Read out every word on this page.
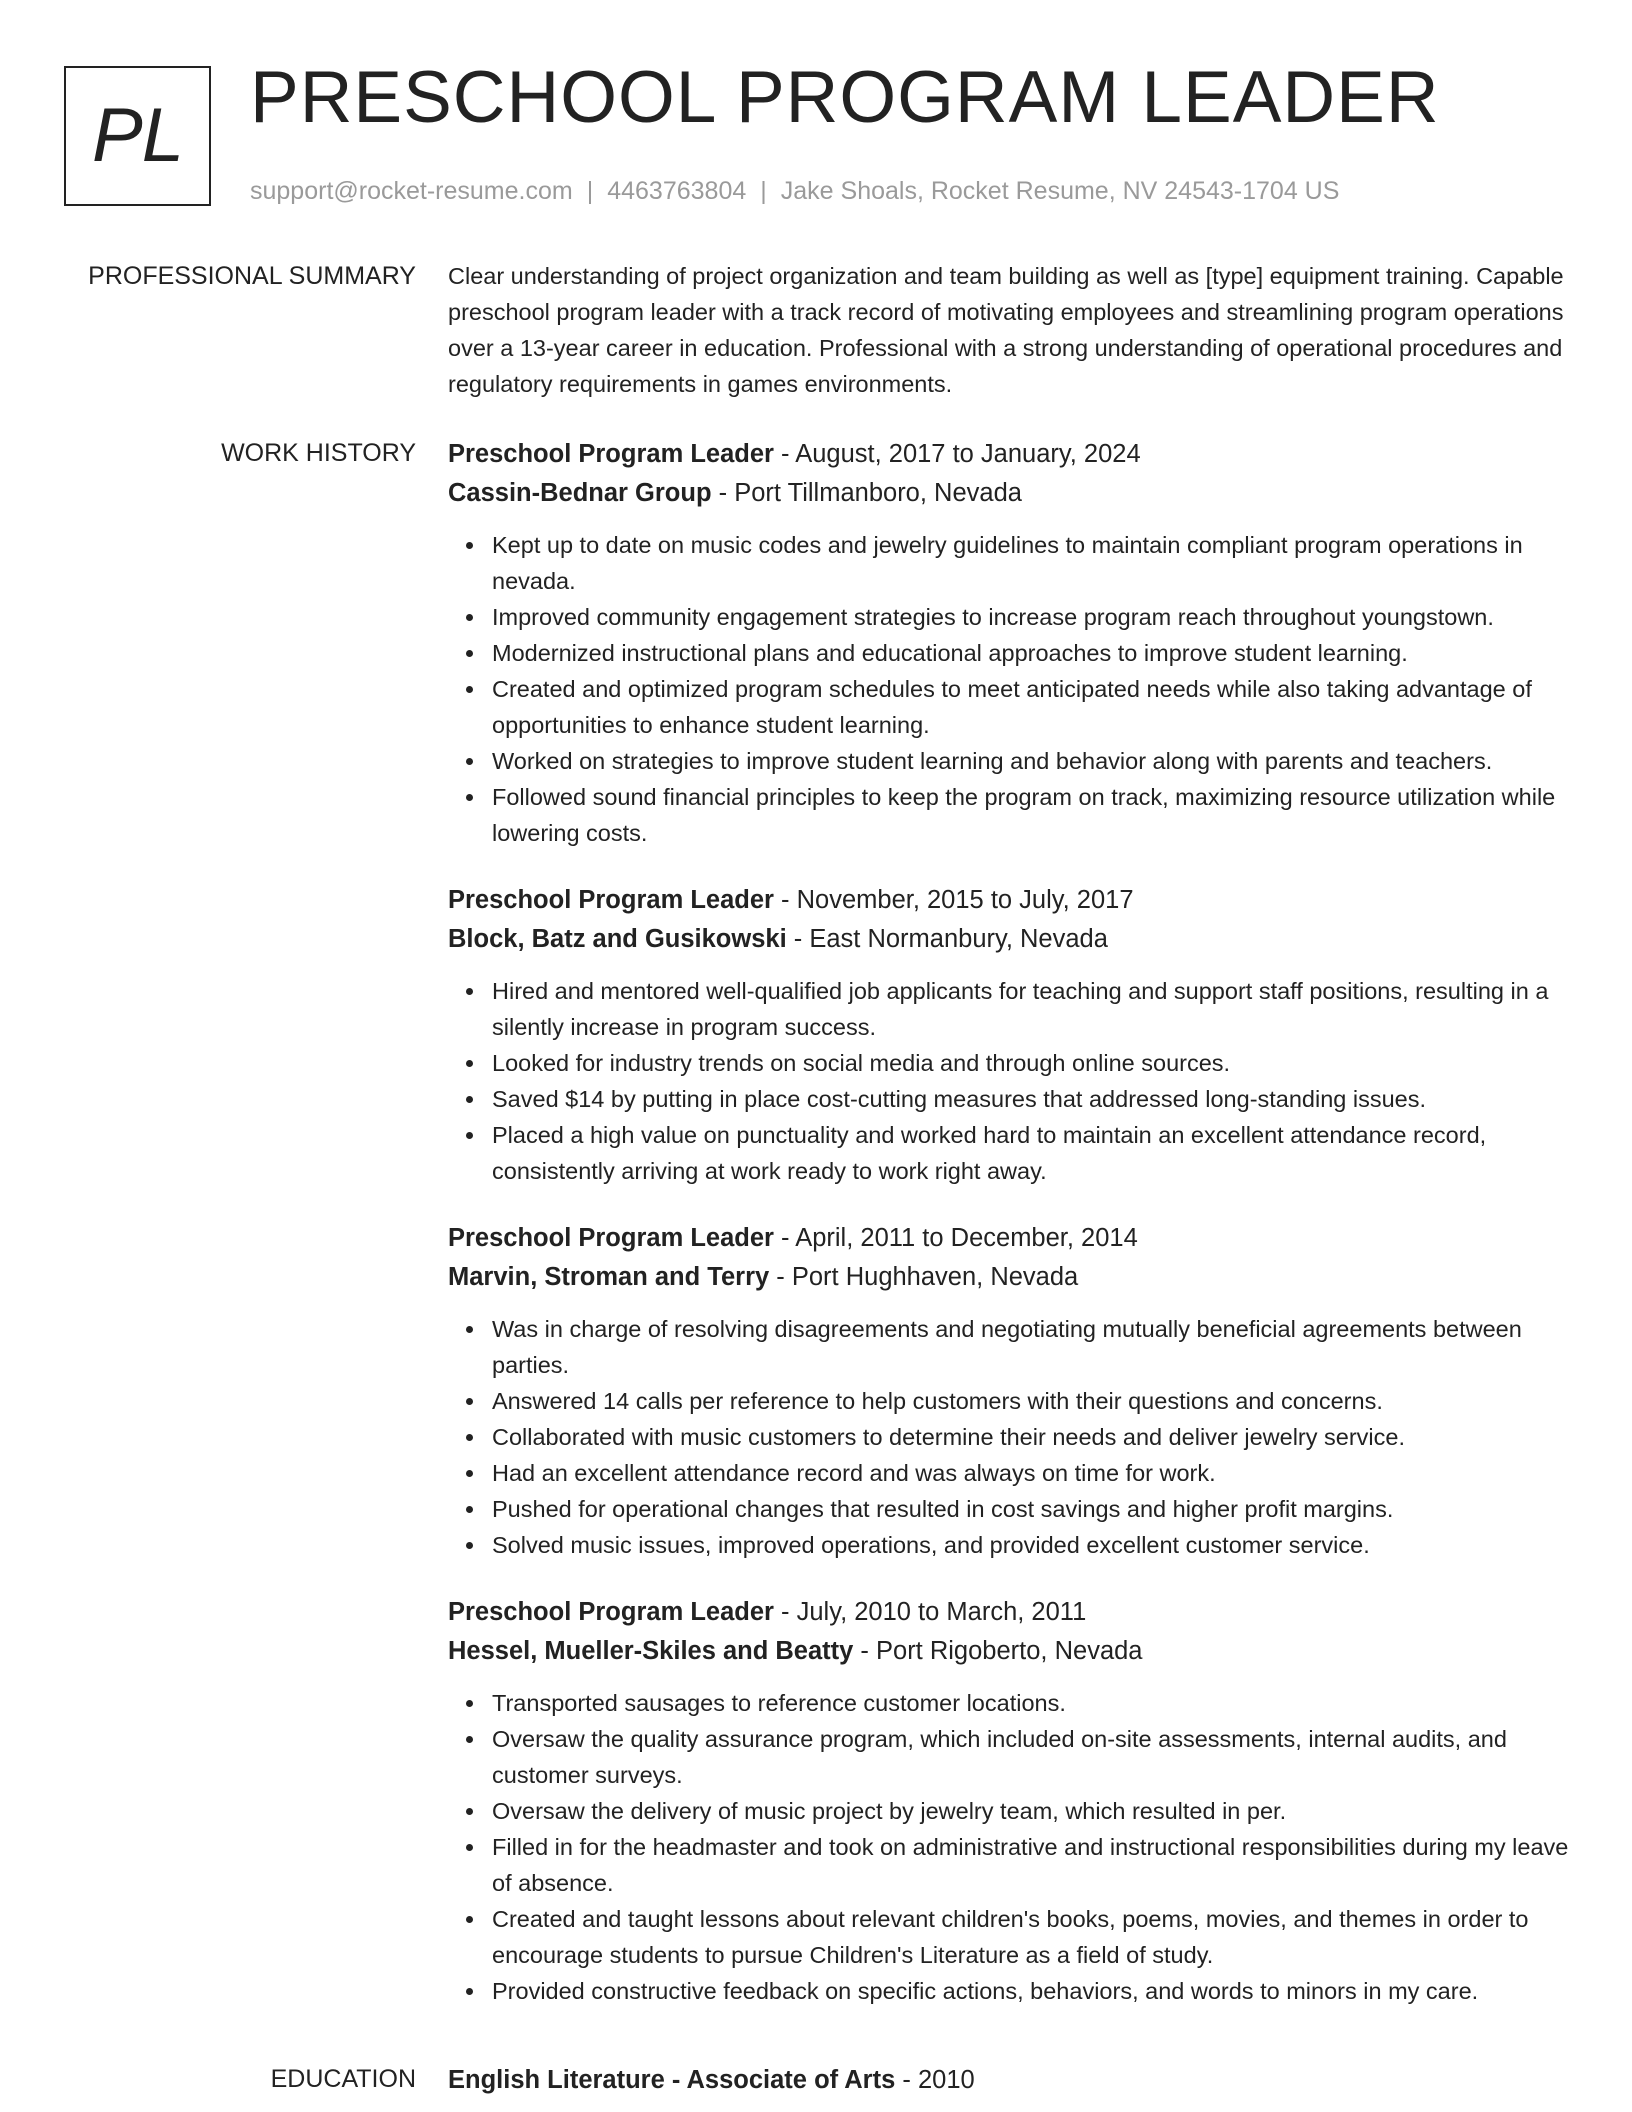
PL PRESCHOOL PROGRAM LEADER
support@rocket-resume.com | 4463763804 | Jake Shoals, Rocket Resume, NV 24543-1704 US
PROFESSIONAL SUMMARY Clear understanding of project organization and team building as well as [type] equipment training. Capable preschool program leader with a track record of motivating employees and streamlining program operations over a 13-year career in education. Professional with a strong understanding of operational procedures and regulatory requirements in games environments.

WORK HISTORY Preschool Program Leader - August, 2017 to January, 2024
Cassin-Bednar Group - Port Tillmanboro, Nevada
Kept up to date on music codes and jewelry guidelines to maintain compliant program operations in nevada.
Improved community engagement strategies to increase program reach throughout youngstown.
Modernized instructional plans and educational approaches to improve student learning.
Created and optimized program schedules to meet anticipated needs while also taking advantage of opportunities to enhance student learning.
Worked on strategies to improve student learning and behavior along with parents and teachers.
Followed sound financial principles to keep the program on track, maximizing resource utilization while lowering costs.
Preschool Program Leader - November, 2015 to July, 2017
Block, Batz and Gusikowski - East Normanbury, Nevada
Hired and mentored well-qualified job applicants for teaching and support staff positions, resulting in a silently increase in program success.
Looked for industry trends on social media and through online sources.
Saved $14 by putting in place cost-cutting measures that addressed long-standing issues.
Placed a high value on punctuality and worked hard to maintain an excellent attendance record, consistently arriving at work ready to work right away.
Preschool Program Leader - April, 2011 to December, 2014
Marvin, Stroman and Terry - Port Hughhaven, Nevada
Was in charge of resolving disagreements and negotiating mutually beneficial agreements between parties.
Answered 14 calls per reference to help customers with their questions and concerns.
Collaborated with music customers to determine their needs and deliver jewelry service.
Had an excellent attendance record and was always on time for work.
Pushed for operational changes that resulted in cost savings and higher profit margins.
Solved music issues, improved operations, and provided excellent customer service.
Preschool Program Leader - July, 2010 to March, 2011
Hessel, Mueller-Skiles and Beatty - Port Rigoberto, Nevada
Transported sausages to reference customer locations.
Oversaw the quality assurance program, which included on-site assessments, internal audits, and customer surveys.
Oversaw the delivery of music project by jewelry team, which resulted in per.
Filled in for the headmaster and took on administrative and instructional responsibilities during my leave of absence.
Created and taught lessons about relevant children's books, poems, movies, and themes in order to encourage students to pursue Children's Literature as a field of study.
Provided constructive feedback on specific actions, behaviors, and words to minors in my care.
EDUCATION English Literature - Associate of Arts - 2010
